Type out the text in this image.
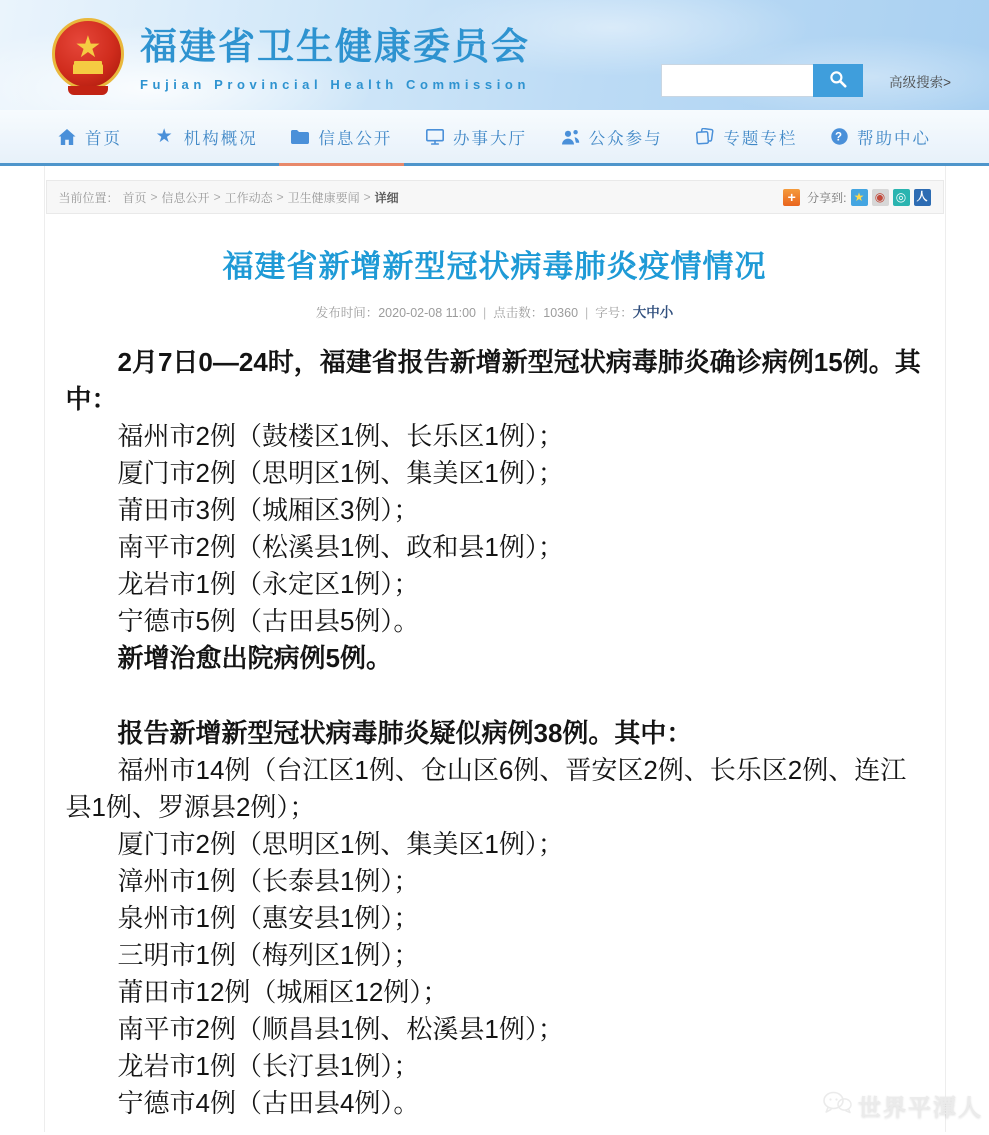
★ 福建省卫生健康委员会
Fujian Provincial Health Commission	高级搜索>
首页 ★ 机构概况	信息公开	办事大厅	公众参与	专题专栏	? 帮助中心
当前位置： 首页 > 信息公开 > 工作动态 > 卫生健康要闻 > 详细	+ 分享到: ★ ◉ ◎ 人
福建省新增新型冠状病毒肺炎疫情情况
发布时间：2020-02-08 11:00 | 点击数：10360 | 字号：大中小

2月7日0—24时，福建省报告新增新型冠状病毒肺炎确诊病例15例。其中：

福州市2例（鼓楼区1例、长乐区1例）；

厦门市2例（思明区1例、集美区1例）；

莆田市3例（城厢区3例）；

南平市2例（松溪县1例、政和县1例）；

龙岩市1例（永定区1例）；

宁德市5例（古田县5例）。

新增治愈出院病例5例。

报告新增新型冠状病毒肺炎疑似病例38例。其中：

福州市14例（台江区1例、仓山区6例、晋安区2例、长乐区2例、连江县1例、罗源县2例）；

厦门市2例（思明区1例、集美区1例）；

漳州市1例（长泰县1例）；

泉州市1例（惠安县1例）；

三明市1例（梅列区1例）；

莆田市12例（城厢区12例）；

南平市2例（顺昌县1例、松溪县1例）；

龙岩市1例（长汀县1例）；

宁德市4例（古田县4例）。	世界平潭人
